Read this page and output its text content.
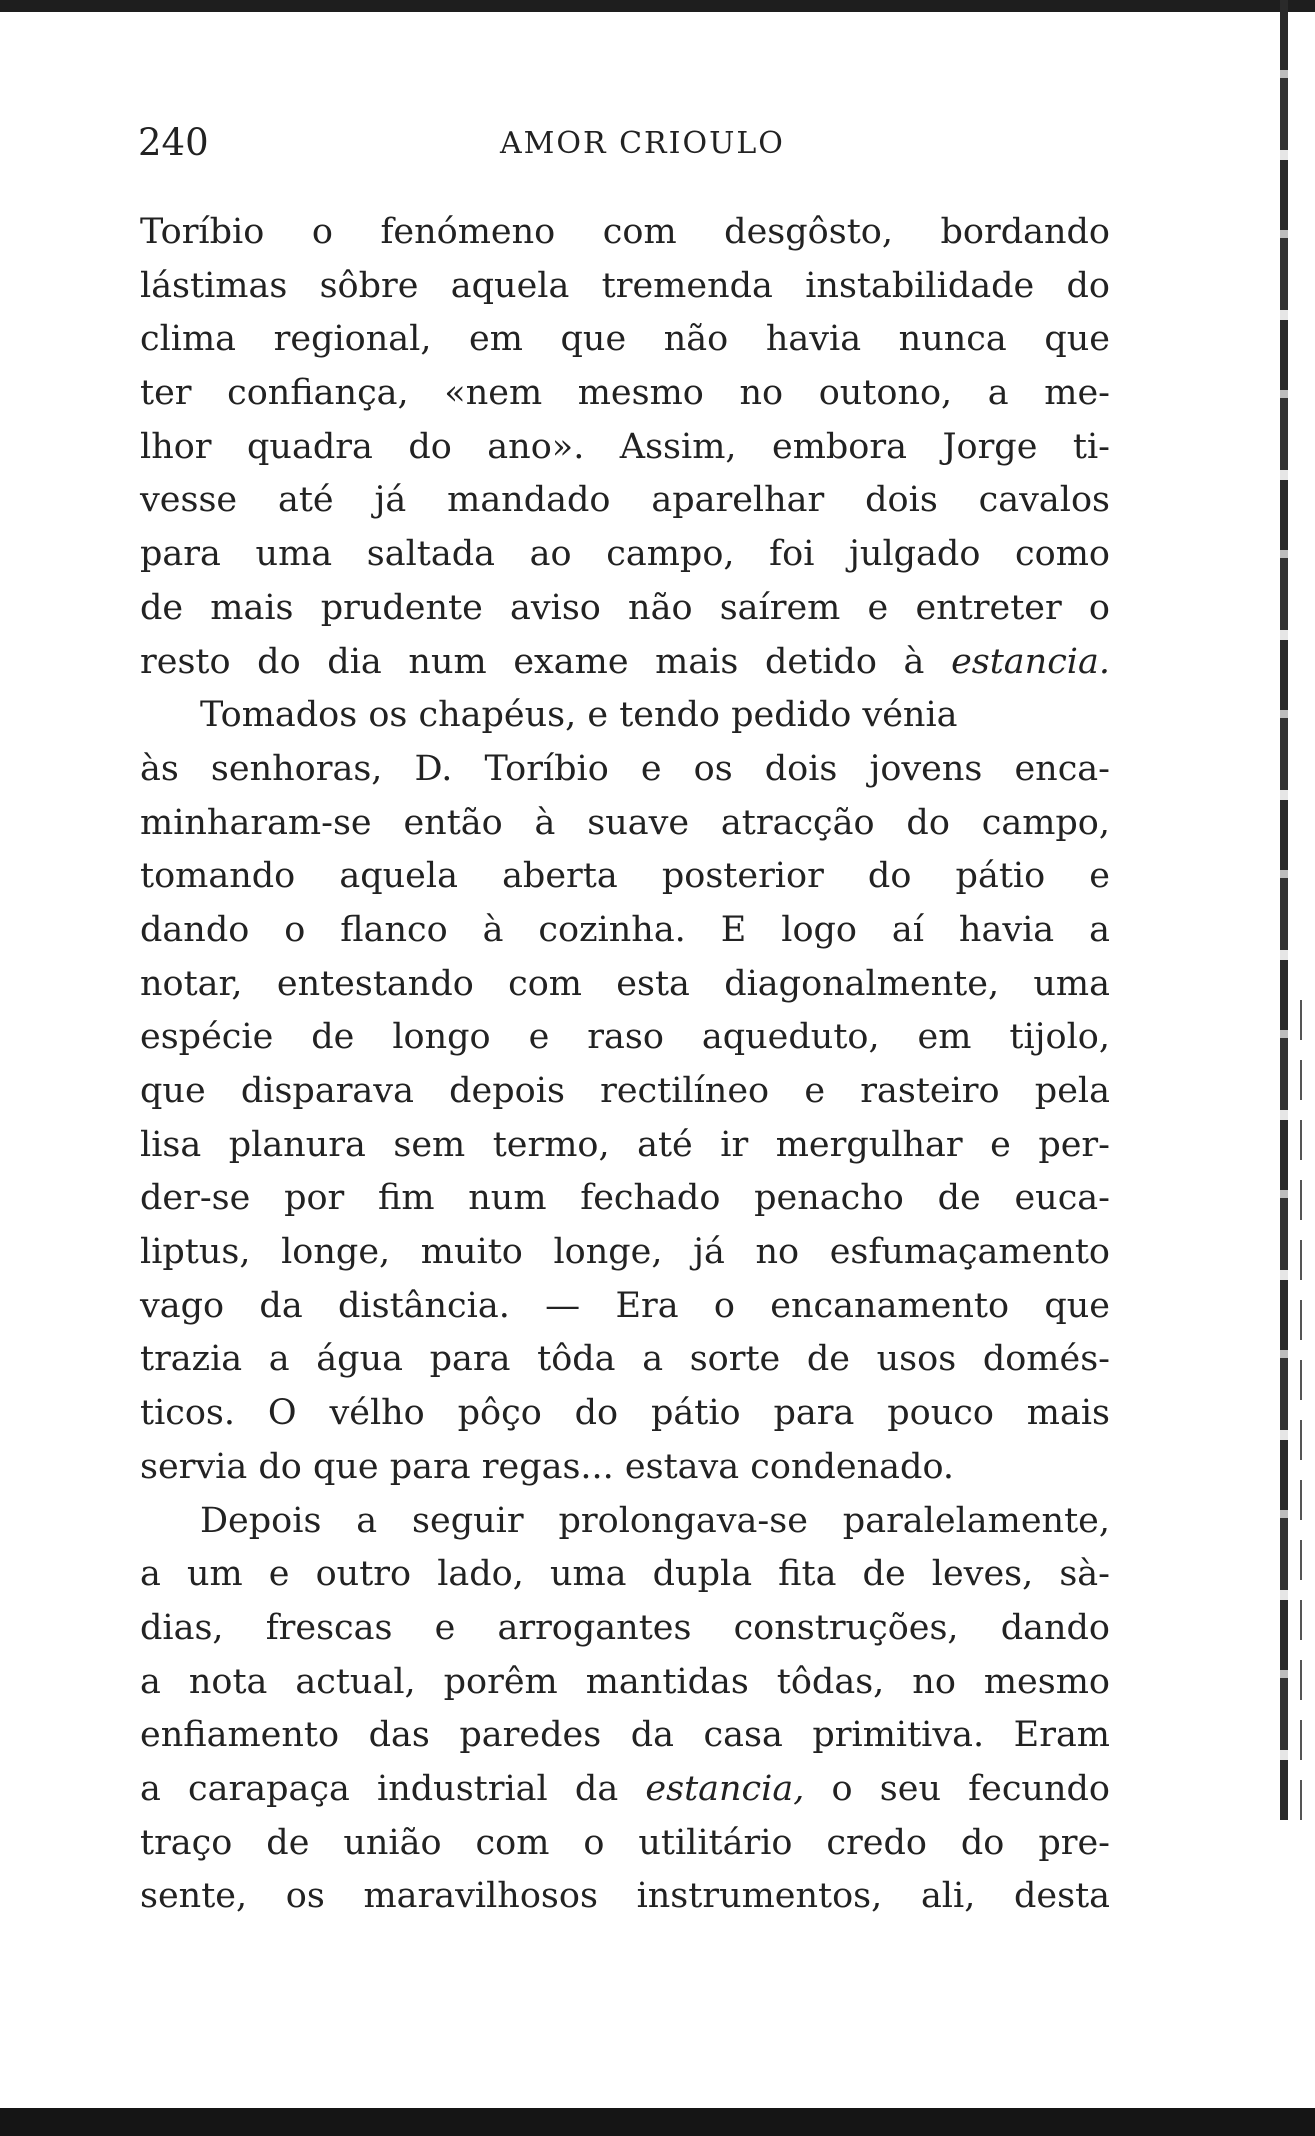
240	AMOR CRIOULO
Toríbio o fenómeno com desgôsto, bordando
lástimas sôbre aquela tremenda instabilidade do
clima regional, em que não havia nunca que
ter confiança, «nem mesmo no outono, a me-
lhor quadra do ano». Assim, embora Jorge ti-
vesse até já mandado aparelhar dois cavalos
para uma saltada ao campo, foi julgado como
de mais prudente aviso não saírem e entreter o
resto do dia num exame mais detido à estancia.
Tomados os chapéus, e tendo pedido vénia
às senhoras, D. Toríbio e os dois jovens enca-
minharam-se então à suave atracção do campo,
tomando aquela aberta posterior do pátio e
dando o flanco à cozinha. E logo aí havia a
notar, entestando com esta diagonalmente, uma
espécie de longo e raso aqueduto, em tijolo,
que disparava depois rectilíneo e rasteiro pela
lisa planura sem termo, até ir mergulhar e per-
der-se por fim num fechado penacho de euca-
liptus, longe, muito longe, já no esfumaçamento
vago da distância. — Era o encanamento que
trazia a água para tôda a sorte de usos domés-
ticos. O vélho pôço do pátio para pouco mais
servia do que para regas... estava condenado.
Depois a seguir prolongava-se paralelamente,
a um e outro lado, uma dupla fita de leves, sà-
dias, frescas e arrogantes construções, dando
a nota actual, porêm mantidas tôdas, no mesmo
enfiamento das paredes da casa primitiva. Eram
a carapaça industrial da estancia, o seu fecundo
traço de união com o utilitário credo do pre-
sente, os maravilhosos instrumentos, ali, desta
